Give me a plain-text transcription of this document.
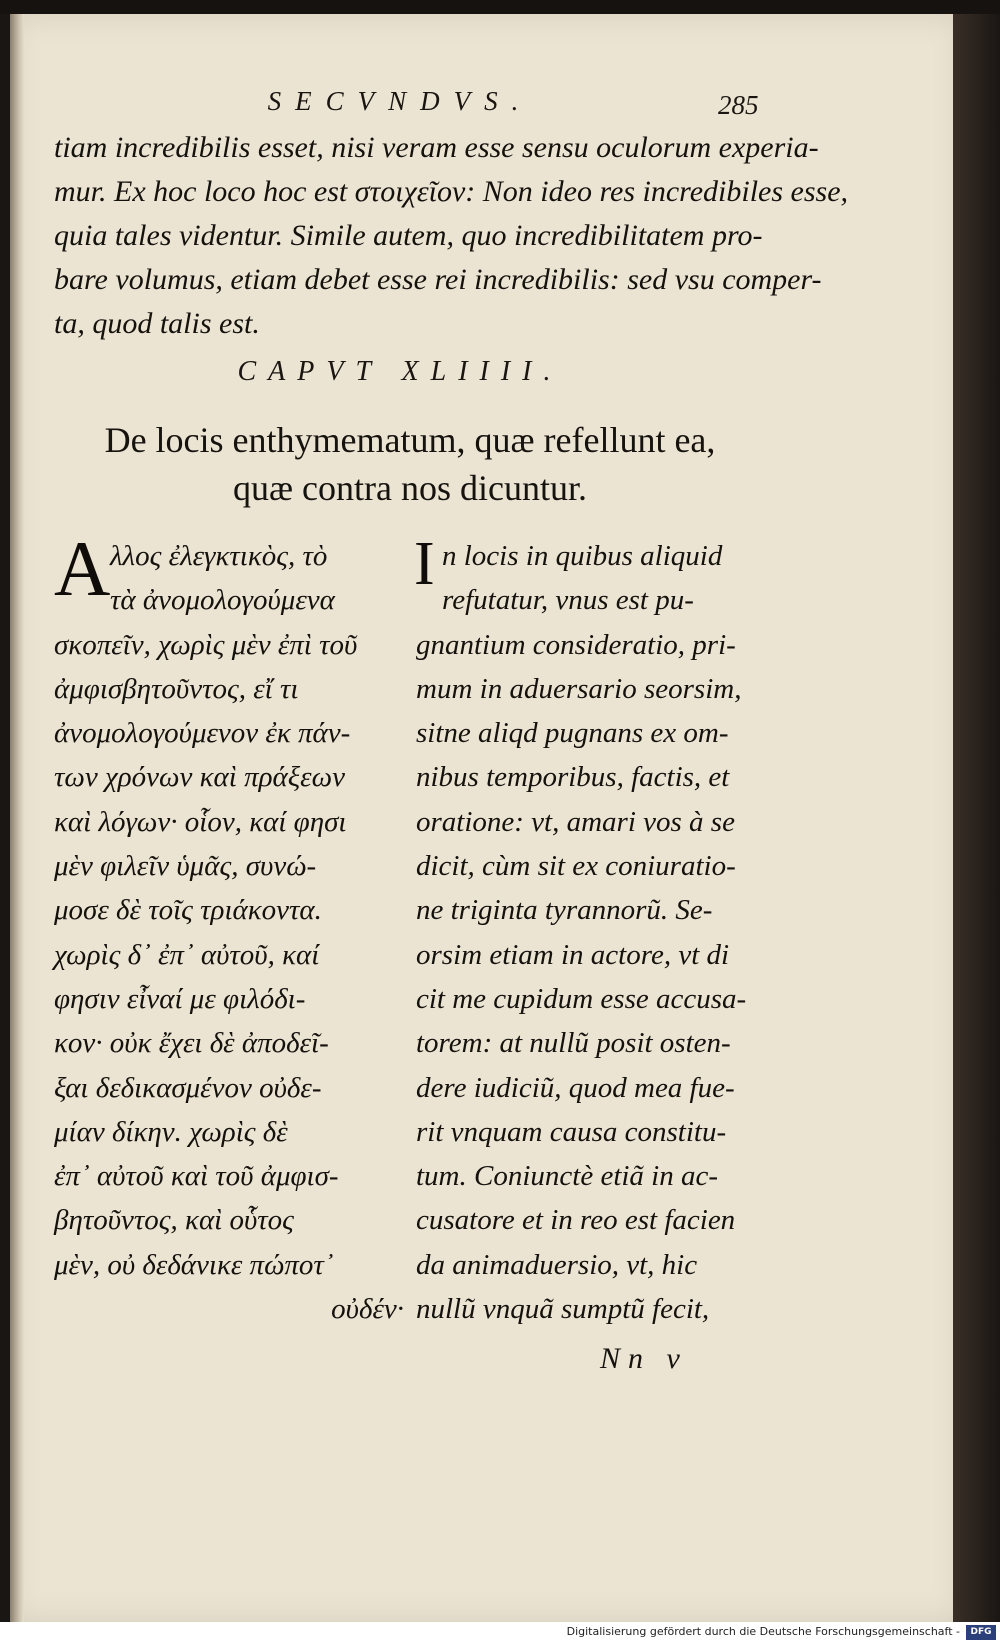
SECVNDVS.	285
tiam incredibilis esset, nisi veram esse sensu oculorum experia-
mur. Ex hoc loco hoc est στοιχεῖον: Non ideo res incredibiles esse,
quia tales videntur. Simile autem, quo incredibilitatem pro-
bare volumus, etiam debet esse rei incredibilis: sed vsu comper-
ta, quod talis est.
CAPVT XLIIII.
De locis enthymematum, quæ refellunt ea,
quæ contra nos dicuntur.
A λλος ἐλεγκτικὸς, τὸ
τὰ ἀνομολογούμενα
σκοπεῖν, χωρὶς μὲν ἐπὶ τοῦ
ἀμφισβητοῦντος, εἴ τι
ἀνομολογούμενον ἐκ πάν-
των χρόνων καὶ πράξεων
καὶ λόγων· οἷον, καί φησι
μὲν φιλεῖν ὑμᾶς, συνώ-
μοσε δὲ τοῖς τριάκοντα.
χωρὶς δ᾽ ἐπ᾽ αὐτοῦ, καί
φησιν εἶναί με φιλόδι-
κον· οὐκ ἔχει δὲ ἀποδεῖ-
ξαι δεδικασμένον οὐδε-
μίαν δίκην. χωρὶς δὲ
ἐπ᾽ αὐτοῦ καὶ τοῦ ἀμφισ-
βητοῦντος, καὶ οὗτος
μὲν, οὐ δεδάνικε πώποτ᾽
οὐδέν·
I n locis in quibus aliquid
refutatur, vnus est pu-
gnantium consideratio, pri-
mum in aduersario seorsim,
sitne aliqd pugnans ex om-
nibus temporibus, factis, et
oratione: vt, amari vos à se
dicit, cùm sit ex coniuratio-
ne triginta tyrannorũ. Se-
orsim etiam in actore, vt di
cit me cupidum esse accusa-
torem: at nullũ posit osten-
dere iudiciũ, quod mea fue-
rit vnquam causa constitu-
tum. Coniunctè etiã in ac-
cusatore et in reo est facien
da animaduersio, vt, hic
nullũ vnquã sumptũ fecit,
Nn v
Digitalisierung gefördert durch die Deutsche Forschungsgemeinschaft -	DFG
